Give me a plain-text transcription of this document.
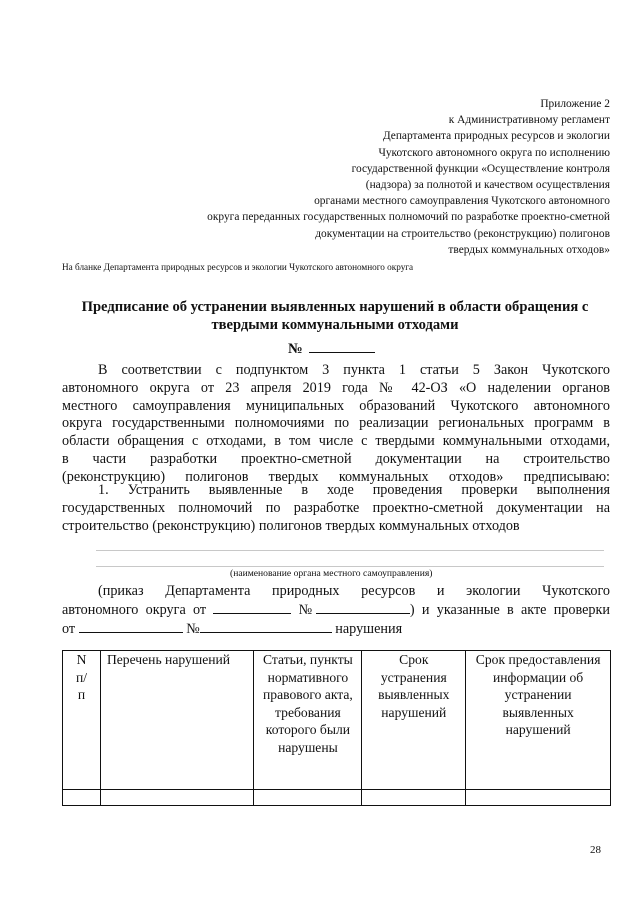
Приложение 2
к Административному регламент
Департамента природных ресурсов и экологии
Чукотского автономного округа по исполнению
государственной функции «Осуществление контроля
(надзора) за полнотой и качеством осуществления
органами местного самоуправления Чукотского автономного
округа переданных государственных полномочий по разработке проектно-сметной
документации на строительство (реконструкцию) полигонов
твердых коммунальных отходов»
На бланке Департамента природных ресурсов и экологии Чукотского автономного округа
Предписание об устранении выявленных нарушений в области обращения с
твердыми коммунальными отходами
№
В соответствии с подпунктом 3 пункта 1 статьи 5 Закон Чукотского
автономного округа от 23 апреля 2019 года № 42-ОЗ «О наделении органов
местного самоуправления муниципальных образований Чукотского автономного
округа государственными полномочиями по реализации региональных программ в
области обращения с отходами, в том числе с твердыми коммунальными отходами,
в части разработки проектно-сметной документации на строительство
(реконструкцию) полигонов твердых коммунальных отходов» предписываю:
1. Устранить выявленные в ходе проведения проверки выполнения
государственных полномочий по разработке проектно-сметной документации на
строительство (реконструкцию) полигонов твердых коммунальных отходов
(наименование органа местного самоуправления)
(приказ Департамента природных ресурсов и экологии Чукотского
автономного округа от	№	) и указанные в акте проверки
от	№	нарушения
N п/п	Перечень нарушений	Статьи, пункты нормативного правового акта, требования которого были нарушены	Срок устранения выявленных нарушений	Срок предоставления информации об устранении выявленных нарушений

28
